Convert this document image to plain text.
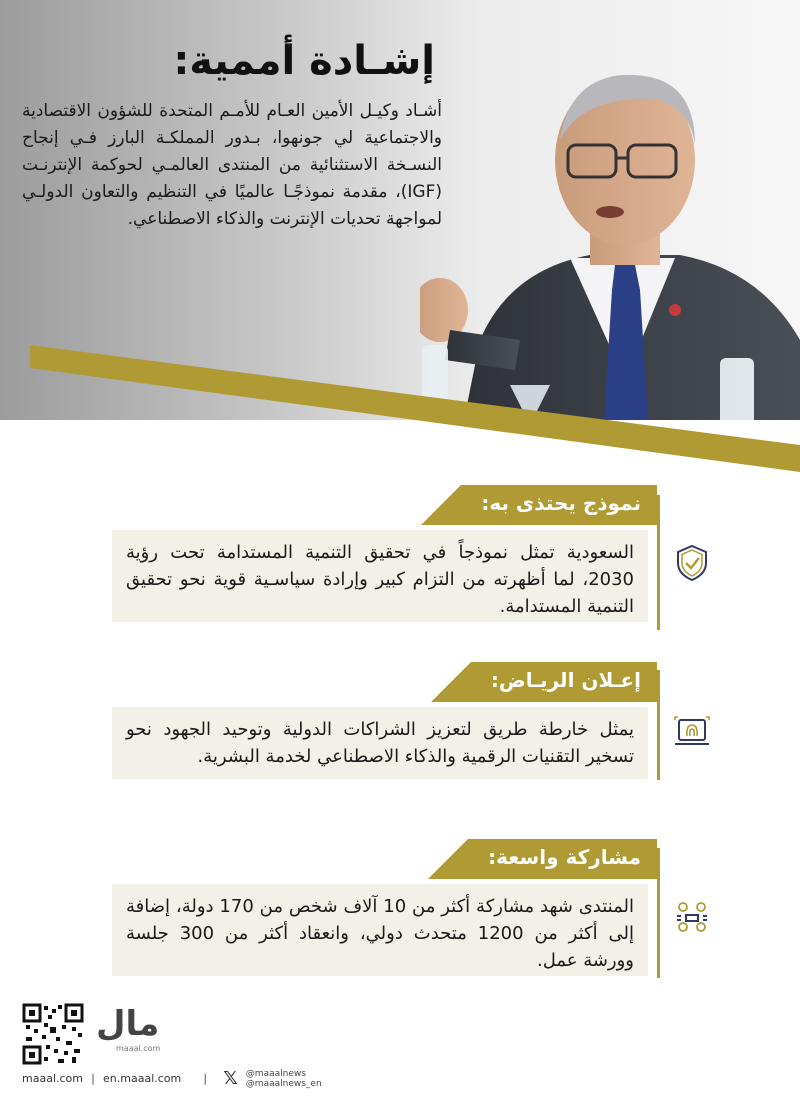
إشـادة أممية:

أشـاد وكيـل الأمين العـام للأمـم المتحدة للشؤون الاقتصادية والاجتماعية لي جونهوا، بـدور المملكـة البارز فـي إنجاح النسـخة الاستثنائية من المنتدى العالمـي لحوكمة الإنترنـت (IGF)، مقدمة نموذجًـا عالميًا في التنظيم والتعاون الدولـي لمواجهة تحديات الإنترنت والذكاء الاصطناعي.

نموذج يحتذى به:
السعودية تمثل نموذجاً في تحقيق التنمية المستدامة تحت رؤية 2030، لما أظهرته من التزام كبير وإرادة سياسـية قوية نحو تحقيق التنمية المستدامة.
إعـلان الريـاض:
يمثل خارطة طريق لتعزيز الشراكات الدولية وتوحيد الجهود نحو تسخير التقنيات الرقمية والذكاء الاصطناعي لخدمة البشرية.
مشاركة واسعة:
المنتدى شهد مشاركة أكثر من 10 آلاف شخص من 170 دولة، إضافة إلى أكثر من 1200 متحدث دولي، وانعقاد أكثر من 300 جلسة وورشة عمل.
مال
maaal.com
maaal.com | en.maaal.com | 𝕏 @maaalnews
@maaalnews_en
